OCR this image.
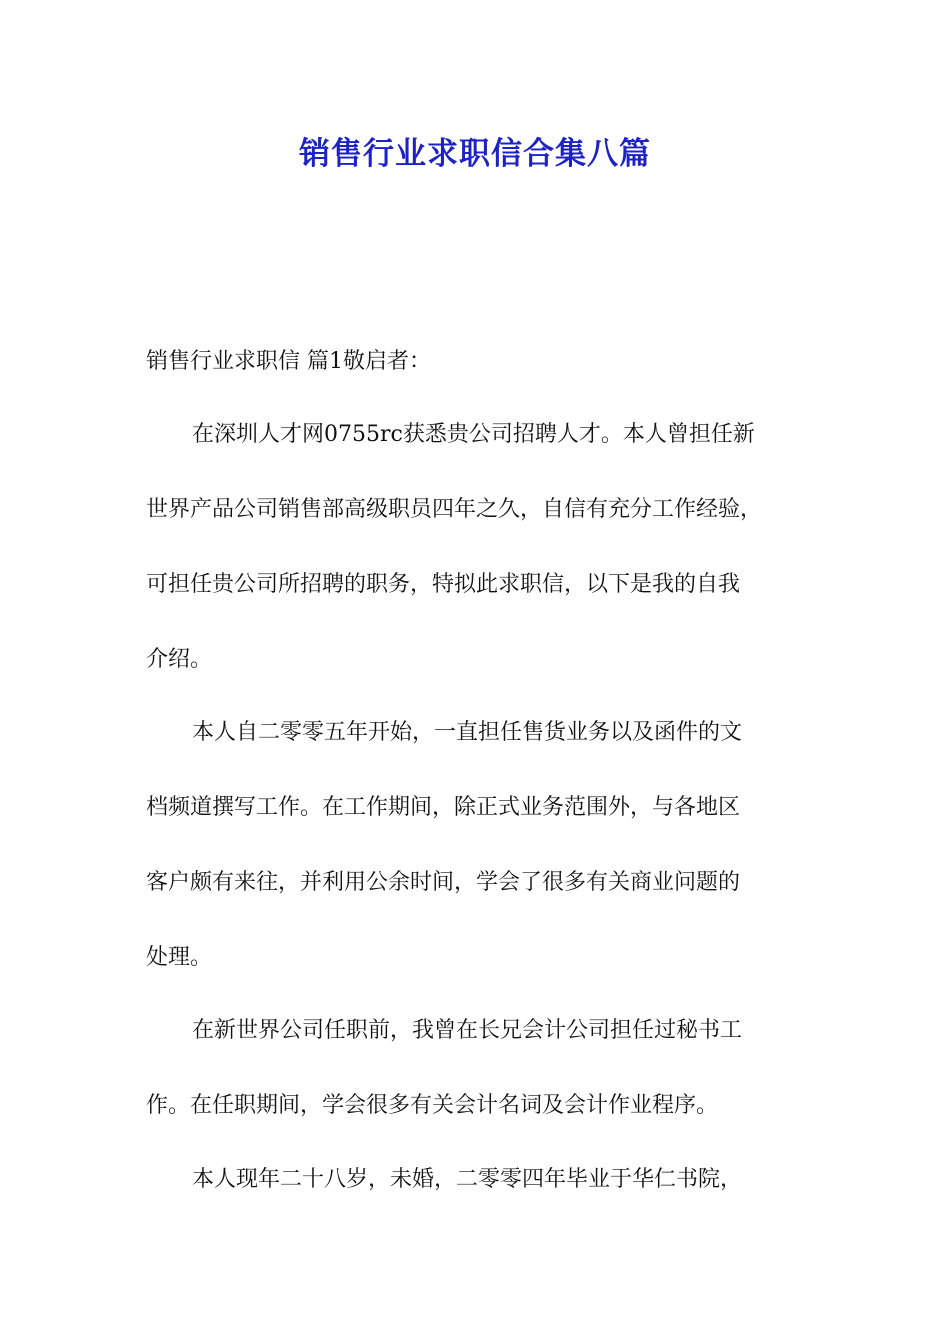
销售行业求职信合集八篇

销售行业求职信 篇1敬启者：

在深圳人才网0755rc获悉贵公司招聘人才。本人曾担任新

世界产品公司销售部高级职员四年之久，自信有充分工作经验，

可担任贵公司所招聘的职务，特拟此求职信，以下是我的自我

介绍。

本人自二零零五年开始，一直担任售货业务以及函件的文

档频道撰写工作。在工作期间，除正式业务范围外，与各地区

客户颇有来往，并利用公余时间，学会了很多有关商业问题的

处理。

在新世界公司任职前，我曾在长兄会计公司担任过秘书工

作。在任职期间，学会很多有关会计名词及会计作业程序。

本人现年二十八岁，未婚，二零零四年毕业于华仁书院，
